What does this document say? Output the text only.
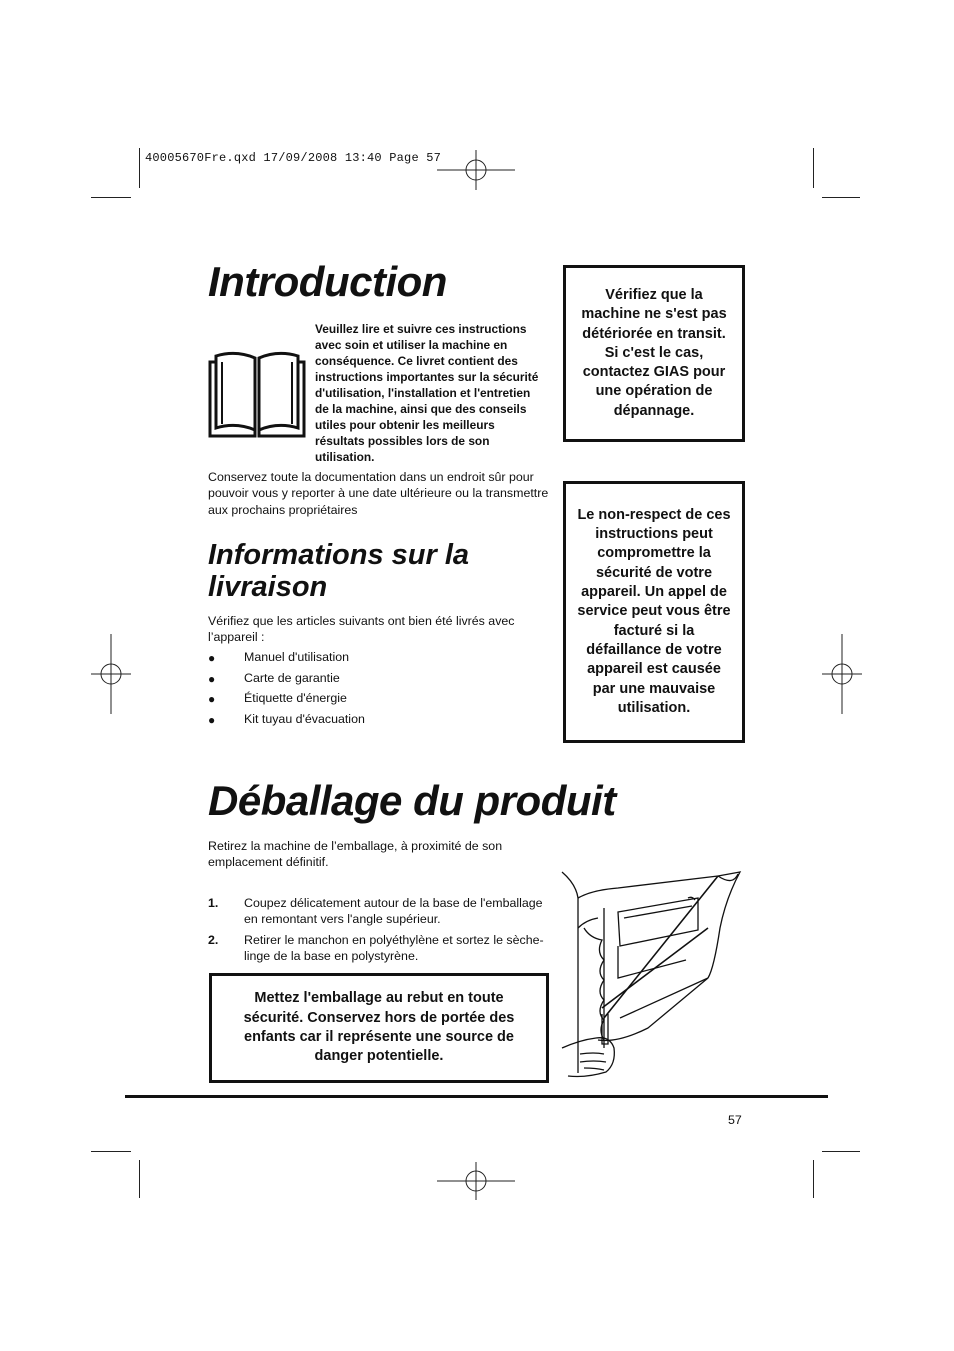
40005670Fre.qxd 17/09/2008 13:40 Page 57
Introduction
Veuillez lire et suivre ces instructions avec soin et utiliser la machine en conséquence. Ce livret contient des instructions importantes sur la sécurité d'utilisation, l'installation et l'entretien de la machine, ainsi que des conseils utiles pour obtenir les meilleurs résultats possibles lors de son utilisation.
Conservez toute la documentation dans un endroit sûr pour pouvoir vous y reporter à une date ultérieure ou la transmettre aux prochains propriétaires
Informations sur la livraison
Vérifiez que les articles suivants ont bien été livrés avec l’appareil :
● Manuel d'utilisation
● Carte de garantie
● Étiquette d'énergie
● Kit tuyau d'évacuation
Vérifiez que la machine ne s'est pas détériorée en transit. Si c'est le cas, contactez GIAS pour une opération de dépannage.
Le non-respect de ces instructions peut compromettre la sécurité de votre appareil. Un appel de service peut vous être facturé si la défaillance de votre appareil est causée par une mauvaise utilisation.
Déballage du produit
Retirez la machine de l’emballage, à proximité de son emplacement définitif.
1. Coupez délicatement autour de la base de l'emballage en remontant vers l'angle supérieur.
2. Retirer le manchon en polyéthylène et sortez le sèche-linge de la base en polystyrène.
Mettez l'emballage au rebut en toute sécurité. Conservez hors de portée des enfants car il représente une source de danger potentielle.
57
